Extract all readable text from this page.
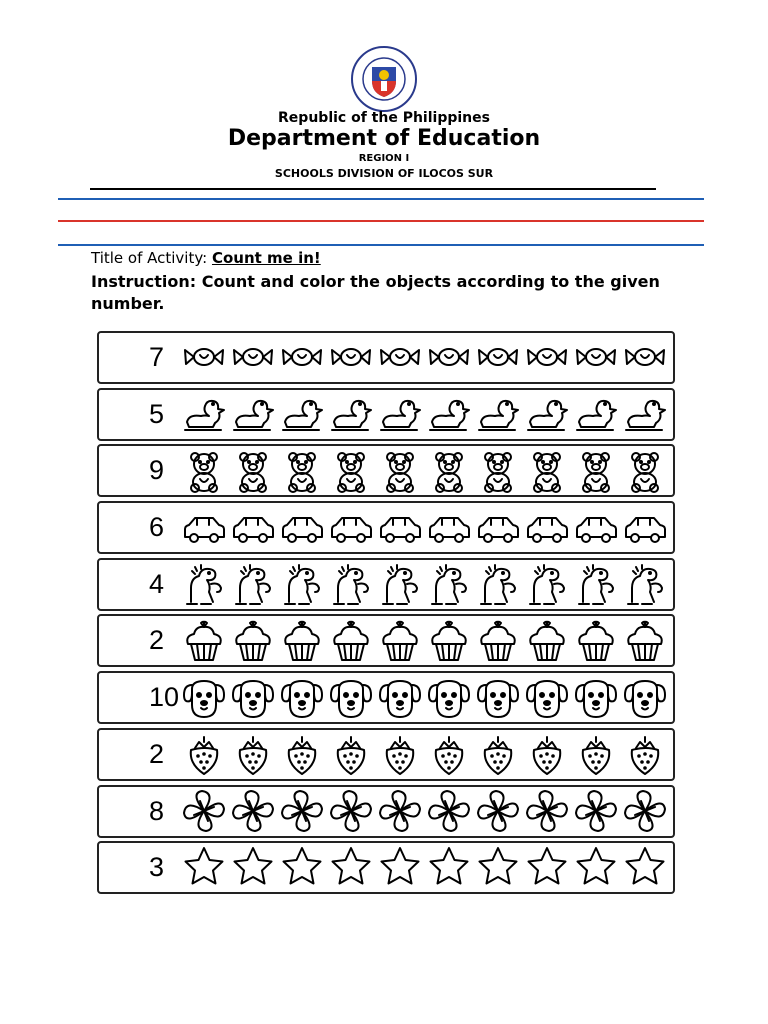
Republic of the Philippines
Department of Education
REGION I
SCHOOLS DIVISION OF ILOCOS SUR
Title of Activity: Count me in!
Instruction: Count and color the objects according to the given number.
7
5
9
6
4
2
10
2
8
3
